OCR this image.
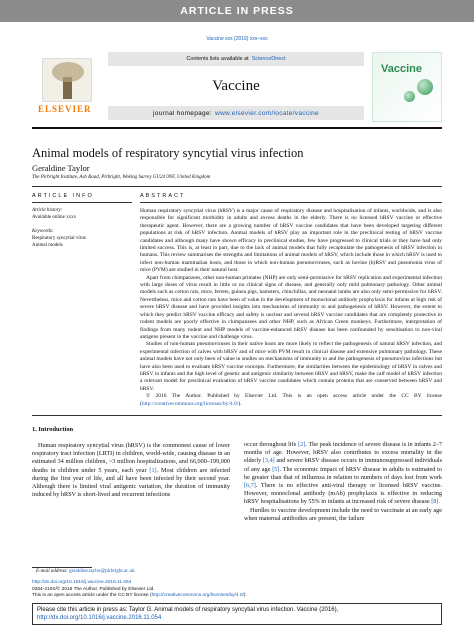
ARTICLE IN PRESS
Vaccine xxx (2016) xxx–xxx
ELSEVIER
Contents lists available at ScienceDirect
Vaccine
journal homepage: www.elsevier.com/locate/vaccine
Vaccine
Animal models of respiratory syncytial virus infection
Geraldine Taylor
The Pirbright Institute, Ash Road, Pirbright, Woking Surrey GU24 0NF, United Kingdom
ARTICLE INFO	ABSTRACT
Article history:
Available online xxxx
Keywords:
Respiratory syncytial virus
Animal models

Human respiratory syncytial virus (hRSV) is a major cause of respiratory disease and hospitalisation of infants, worldwide, and is also responsible for significant morbidity in adults and excess deaths in the elderly. There is no licensed hRSV vaccine or effective therapeutic agent. However, there are a growing number of hRSV vaccine candidates that have been developed targeting different populations at risk of hRSV infection. Animal models of hRSV play an important role in the preclinical testing of hRSV vaccine candidates and although many have shown efficacy in preclinical studies, few have progressed to clinical trials or they have had only limited success. This is, at least in part, due to the lack of animal models that fully recapitulate the pathogenesis of hRSV infection in humans. This review summarises the strengths and limitations of animal models of hRSV, which include those in which hRSV is used to infect non-human mammalian hosts, and those in which non-human pneumoviruses, such as bovine (b)RSV and pneumonia virus of mice (PVM) are studied in their natural host.

Apart from chimpanzees, other non-human primates (NHP) are only semi-permissive for hRSV replication and experimental infection with large doses of virus result in little or no clinical signs of disease, and generally only mild pulmonary pathology. Other animal models such as cotton rats, mice, ferrets, guinea pigs, hamsters, chinchillas, and neonatal lambs are also only semi-permissive for hRSV. Nevertheless, mice and cotton rats have been of value in the development of monoclonal antibody prophylaxis for infants at high risk of severe hRSV disease and have provided insights into mechanisms of immunity to and pathogenesis of hRSV. However, the extent to which they predict hRSV vaccine efficacy and safety is unclear and several hRSV vaccine candidates that are completely protective in rodent models are poorly effective in chimpanzees and other NHP, such as African Green monkeys. Furthermore, interpretation of findings from many rodent and NHP models of vaccine-enhanced hRSV disease has been confounded by sensitisation to non-viral antigens present in the vaccine and challenge virus.

Studies of non-human pneumoviruses in their native hosts are more likely to reflect the pathogenesis of natural hRSV infection, and experimental infection of calves with bRSV and of mice with PVM result in clinical disease and extensive pulmonary pathology. These animal models have not only been of value in studies on mechanisms of immunity to and the pathogenesis of pneumovirus infections but have also been used to evaluate hRSV vaccine concepts. Furthermore, the similarities between the epidemiology of bRSV in calves and hRSV in infants and the high level of genetic and antigenic similarity between bRSV and hRSV, make the calf model of bRSV infection a relevant model for preclinical evaluation of hRSV vaccine candidates which contain proteins that are conserved between hRSV and bRSV.

© 2016 The Author. Published by Elsevier Ltd. This is an open access article under the CC BY license (http://creativecommons.org/licenses/by/4.0/).

1. Introduction

Human respiratory syncytial virus (hRSV) is the commonest cause of lower respiratory tract infection (LRTI) in children, world-wide, causing disease in an estimated 34 million children, >3 million hospitalizations, and 66,000–199,000 deaths in children under 5 years, each year [1]. Most children are infected during the first year of life, and all have been infected by their second year. Although there is limited viral antigenic variation, the duration of immunity induced by hRSV is short-lived and recurrent infections

occur throughout life [2]. The peak incidence of severe disease is in infants 2–7 months of age. However, hRSV also contributes to excess mortality in the elderly [3,4] and severe hRSV disease occurs in immunosuppressed individuals of any age [5]. The economic impact of hRSV disease in adults is estimated to be greater than that of influenza in relation to numbers of days lost from work [6,7]. There is no effective anti-viral therapy or licensed hRSV vaccine. However, monoclonal antibody (mAb) prophylaxis is effective in reducing hRSV hospitalisations by 55% in infants at increased risk of severe disease [8].

Hurdles to vaccine development include the need to vaccinate at an early age when maternal antibodies are present, the failure

E-mail address: geraldine.taylor@pirbright.ac.uk
http://dx.doi.org/10.1016/j.vaccine.2016.11.054
0264-410X/© 2016 The Author. Published by Elsevier Ltd.
This is an open access article under the CC BY license (http://creativecommons.org/licenses/by/4.0/).
Please cite this article in press as: Taylor G. Animal models of respiratory syncytial virus infection. Vaccine (2016), http://dx.doi.org/10.1016/j.vaccine.2016.11.054
